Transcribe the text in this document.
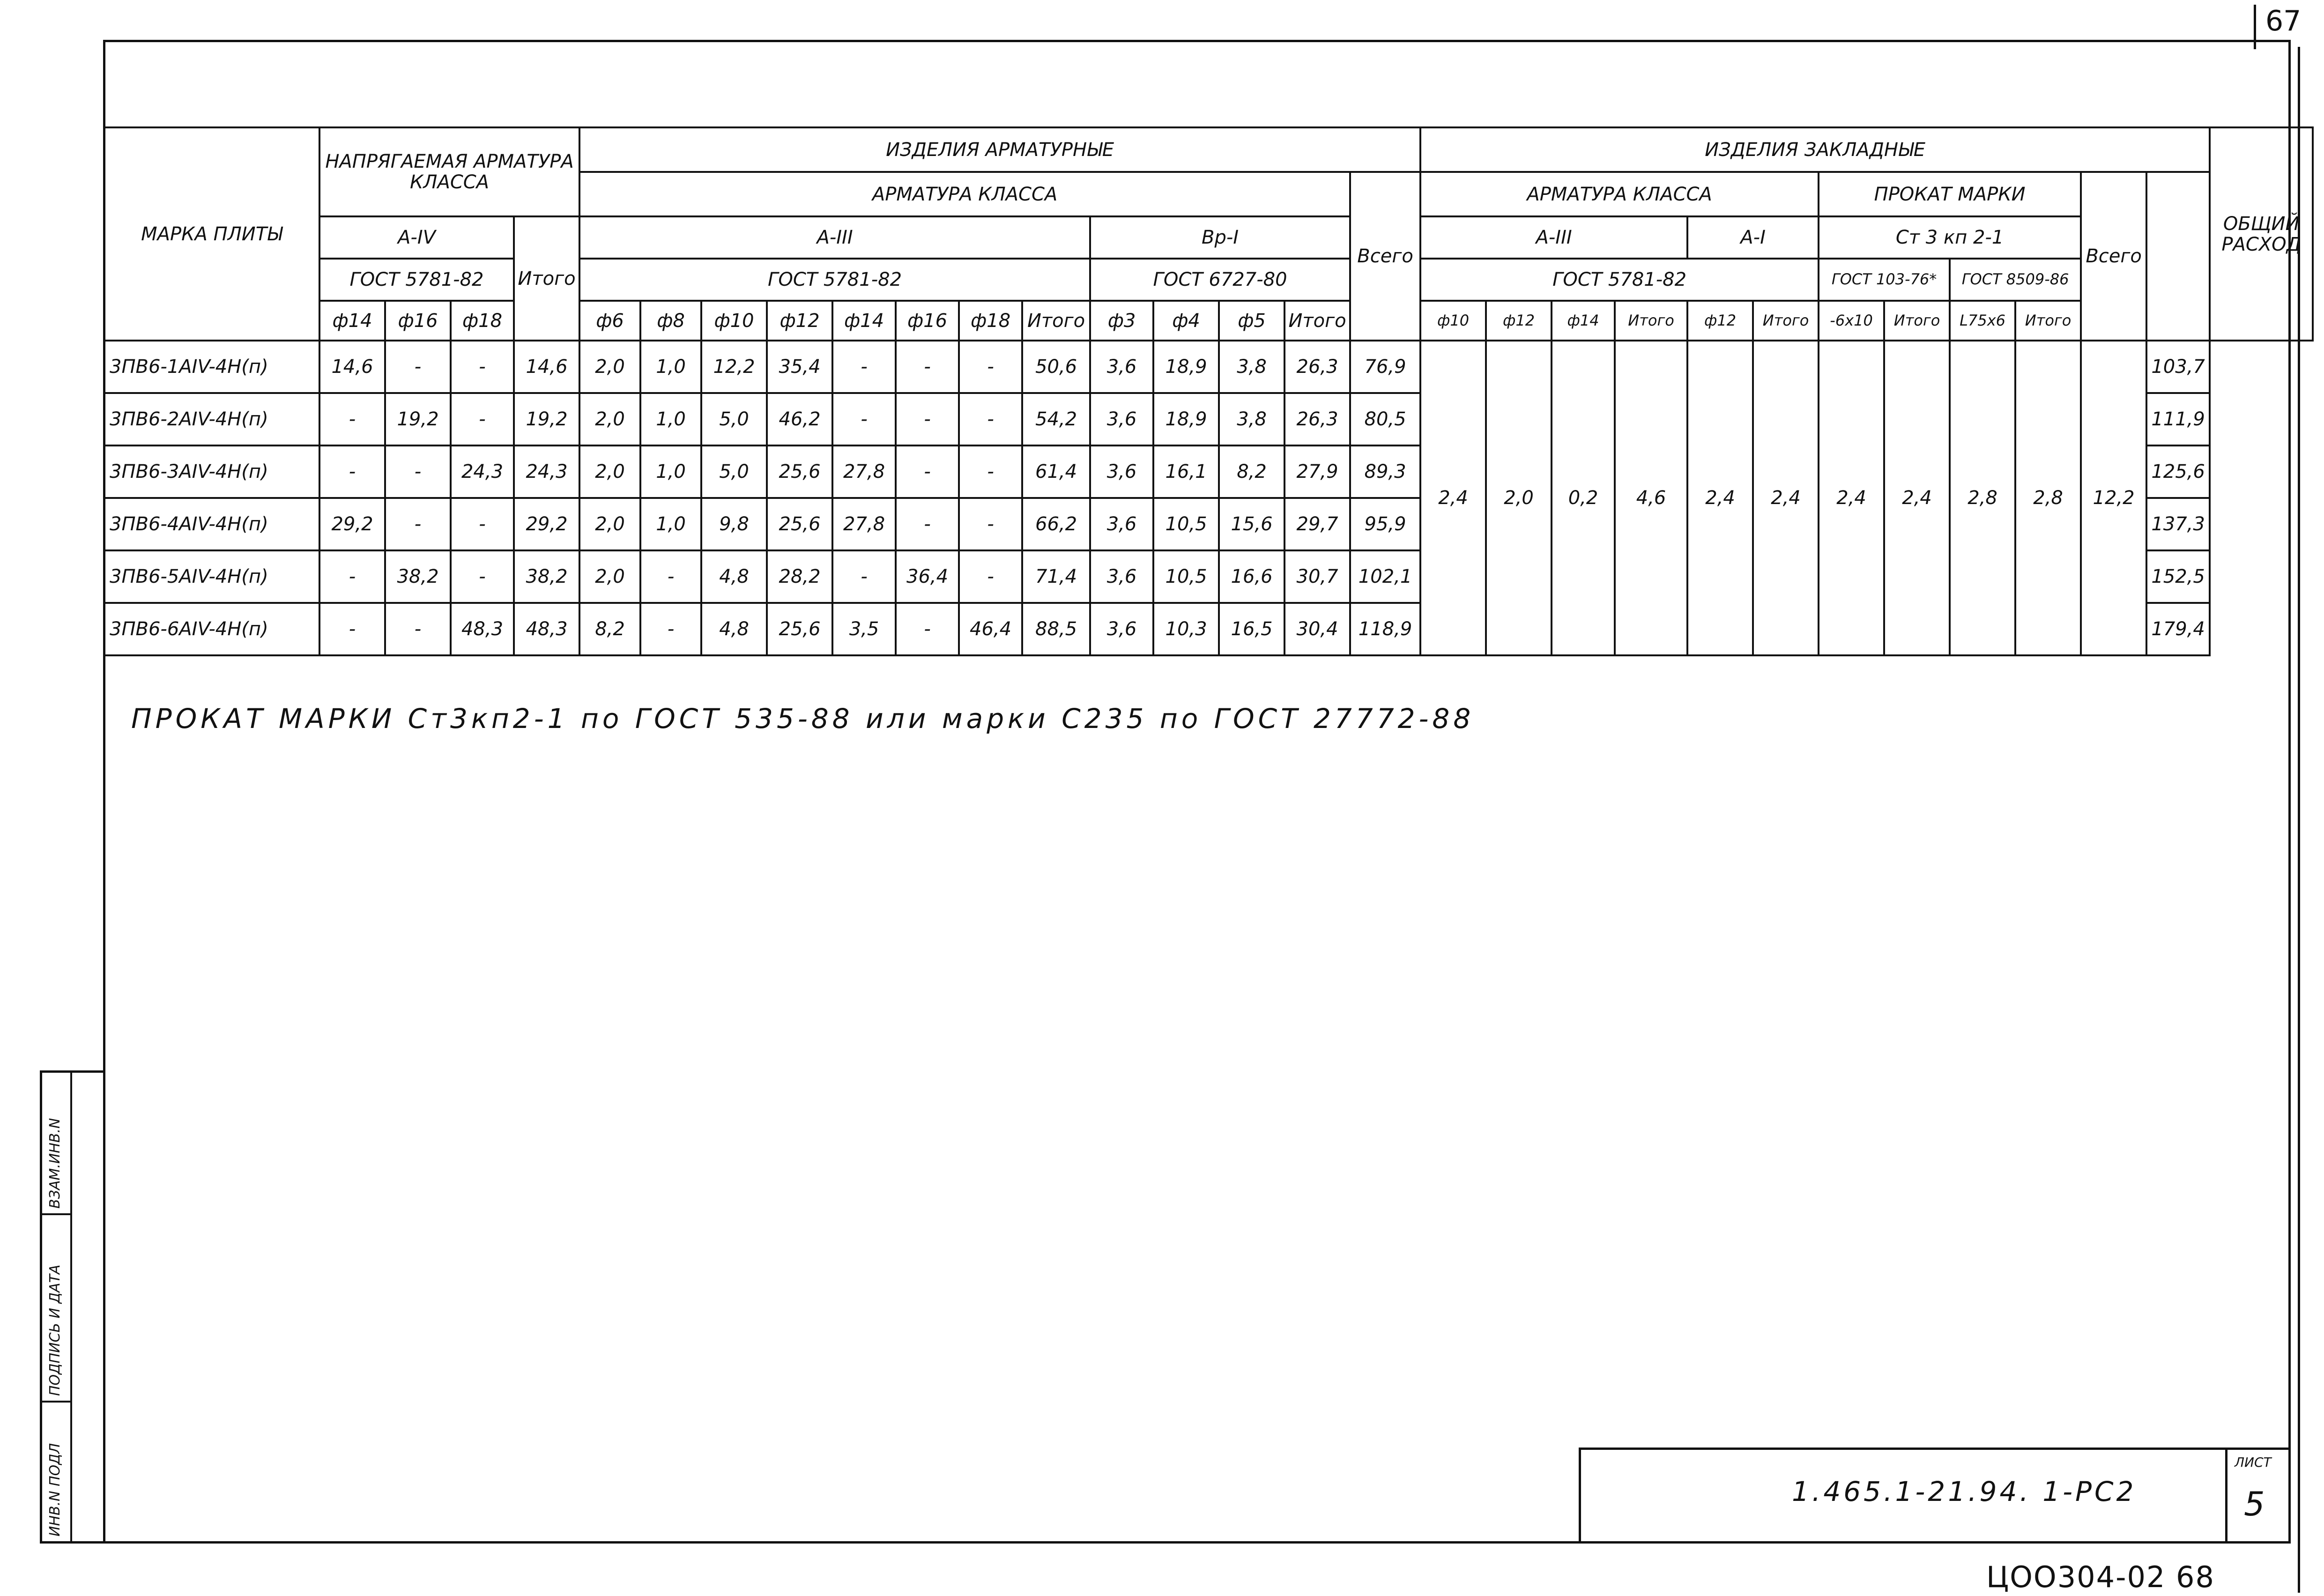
67
МАРКА ПЛИТЫ	НАПРЯГАЕМАЯ АРМАТУРА КЛАССА				ИЗДЕЛИЯ АРМАТУРНЫЕ													ИЗДЕЛИЯ ЗАКЛАДНЫЕ												ОБЩИЙ РАСХОД
					АРМАТУРА КЛАССА												Всего	АРМАТУРА КЛАССА						ПРОКАТ МАРКИ				Всего		
	А-IV			Итого	А-III								Вр-I					А-III				А-I		Ст 3 кп 2-1						
	ГОСТ 5781-82				ГОСТ 5781-82								ГОСТ 6727-80					ГОСТ 5781-82						ГОСТ 103-76*		ГОСТ 8509-86				
	ф14	ф16	ф18		ф6	ф8	ф10	ф12	ф14	ф16	ф18	Итого	ф3	ф4	ф5	Итого		ф10	ф12	ф14	Итого	ф12	Итого	-6х10	Итого	L75х6	Итого			
3ПВ6-1АIV-4Н(п)	14,6	-	-	14,6	2,0	1,0	12,2	35,4	-	-	-	50,6	3,6	18,9	3,8	26,3	76,9	2,4	2,0	0,2	4,6	2,4	2,4	2,4	2,4	2,8	2,8	12,2	103,7	
3ПВ6-2АIV-4Н(п)	-	19,2	-	19,2	2,0	1,0	5,0	46,2	-	-	-	54,2	3,6	18,9	3,8	26,3	80,5												111,9	
3ПВ6-3АIV-4Н(п)	-	-	24,3	24,3	2,0	1,0	5,0	25,6	27,8	-	-	61,4	3,6	16,1	8,2	27,9	89,3												125,6	
3ПВ6-4АIV-4Н(п)	29,2	-	-	29,2	2,0	1,0	9,8	25,6	27,8	-	-	66,2	3,6	10,5	15,6	29,7	95,9												137,3	
3ПВ6-5АIV-4Н(п)	-	38,2	-	38,2	2,0	-	4,8	28,2	-	36,4	-	71,4	3,6	10,5	16,6	30,7	102,1												152,5	
3ПВ6-6АIV-4Н(п)	-	-	48,3	48,3	8,2	-	4,8	25,6	3,5	-	46,4	88,5	3,6	10,3	16,5	30,4	118,9												179,4	
ПРОКАТ МАРКИ Ст3кп2-1 по ГОСТ 535-88 или марки С235 по ГОСТ 27772-88
ВЗАМ.ИНВ.N
ПОДПИСЬ И ДАТА
ИНВ.N ПОДЛ	1.465.1-21.94. 1-РС2
ЛИСТ
5
ЦОО304-02 68
